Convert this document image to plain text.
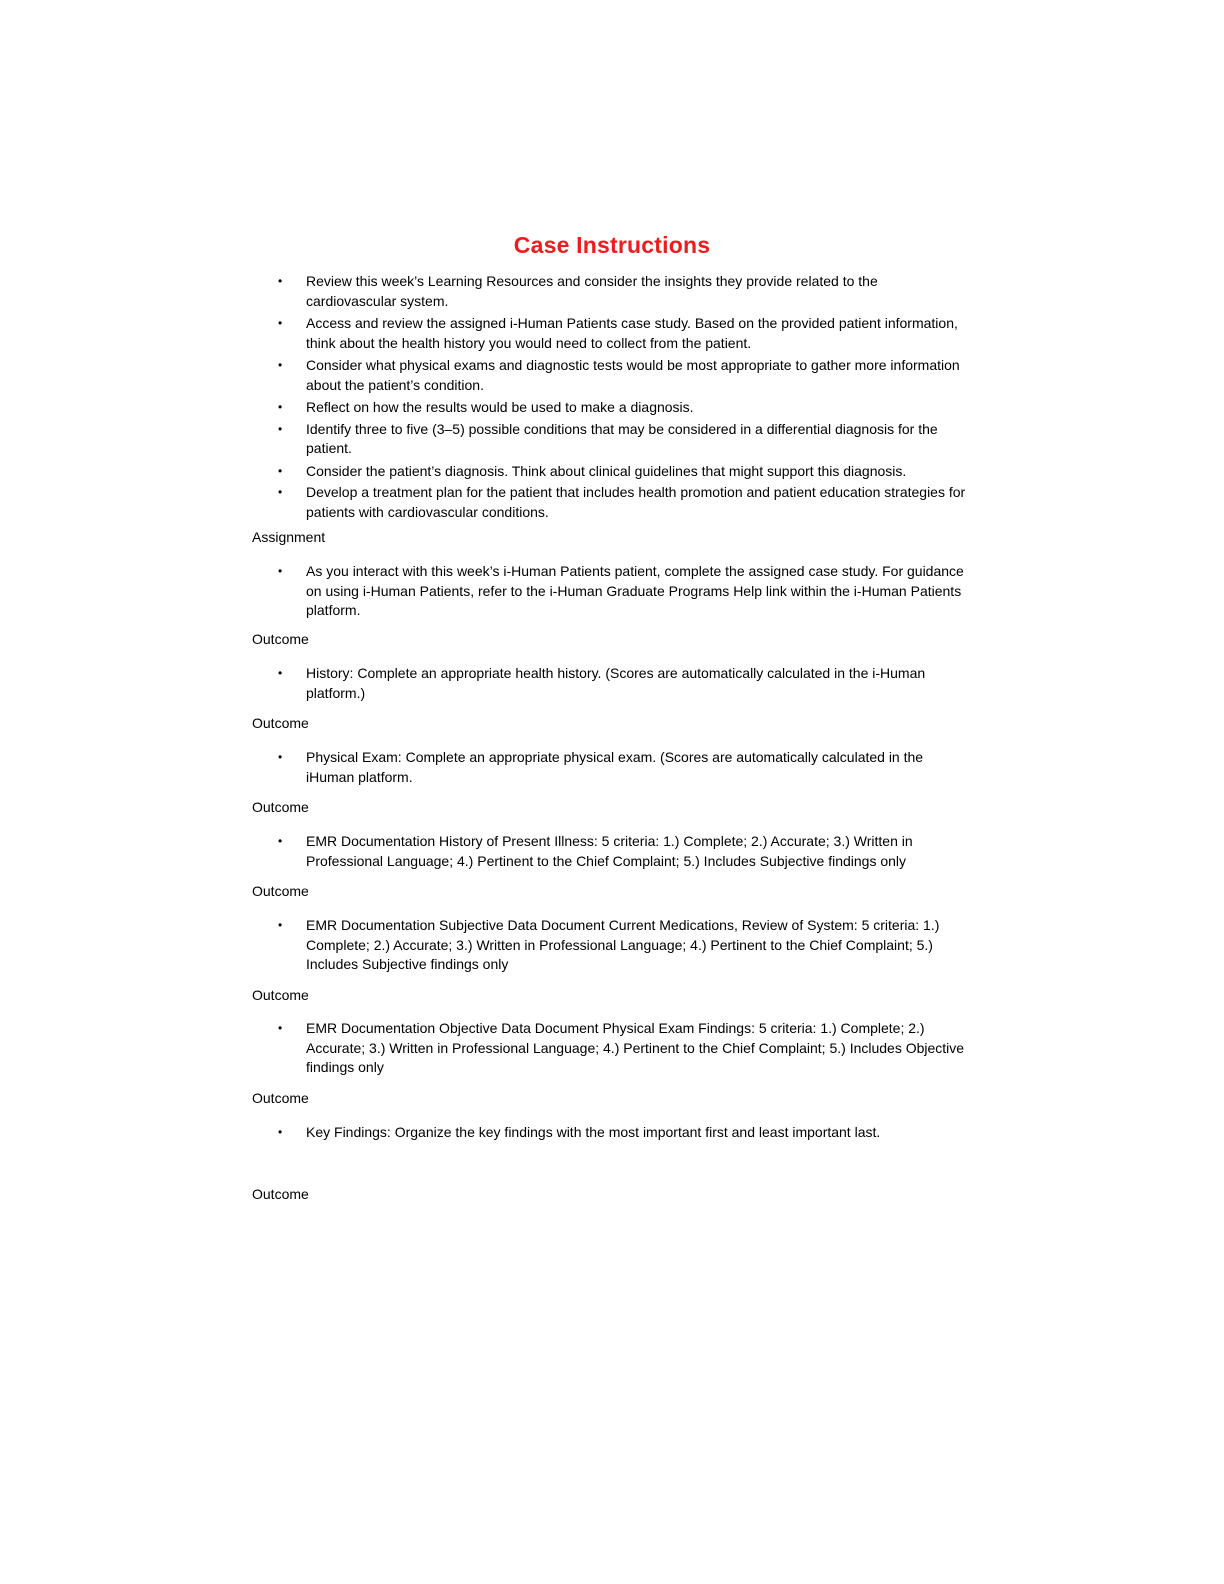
Case Instructions
• Review this week’s Learning Resources and consider the insights they provide related to the cardiovascular system.
• Access and review the assigned i-Human Patients case study. Based on the provided patient information, think about the health history you would need to collect from the patient.
• Consider what physical exams and diagnostic tests would be most appropriate to gather more information about the patient’s condition.
• Reflect on how the results would be used to make a diagnosis.
• Identify three to five (3–5) possible conditions that may be considered in a differential diagnosis for the patient.
• Consider the patient’s diagnosis. Think about clinical guidelines that might support this diagnosis.
• Develop a treatment plan for the patient that includes health promotion and patient education strategies for patients with cardiovascular conditions.
Assignment
• As you interact with this week’s i-Human Patients patient, complete the assigned case study. For guidance on using i-Human Patients, refer to the i-Human Graduate Programs Help link within the i-Human Patients platform.
Outcome
• History: Complete an appropriate health history. (Scores are automatically calculated in the i-Human platform.)
Outcome
• Physical Exam: Complete an appropriate physical exam. (Scores are automatically calculated in the iHuman platform.
Outcome
• EMR Documentation History of Present Illness: 5 criteria: 1.) Complete; 2.) Accurate; 3.) Written in Professional Language; 4.) Pertinent to the Chief Complaint; 5.) Includes Subjective findings only
Outcome
• EMR Documentation Subjective Data Document Current Medications, Review of System: 5 criteria: 1.) Complete; 2.) Accurate; 3.) Written in Professional Language; 4.) Pertinent to the Chief Complaint; 5.) Includes Subjective findings only
Outcome
• EMR Documentation Objective Data Document Physical Exam Findings: 5 criteria: 1.) Complete; 2.) Accurate; 3.) Written in Professional Language; 4.) Pertinent to the Chief Complaint; 5.) Includes Objective findings only
Outcome
• Key Findings: Organize the key findings with the most important first and least important last.
Outcome
